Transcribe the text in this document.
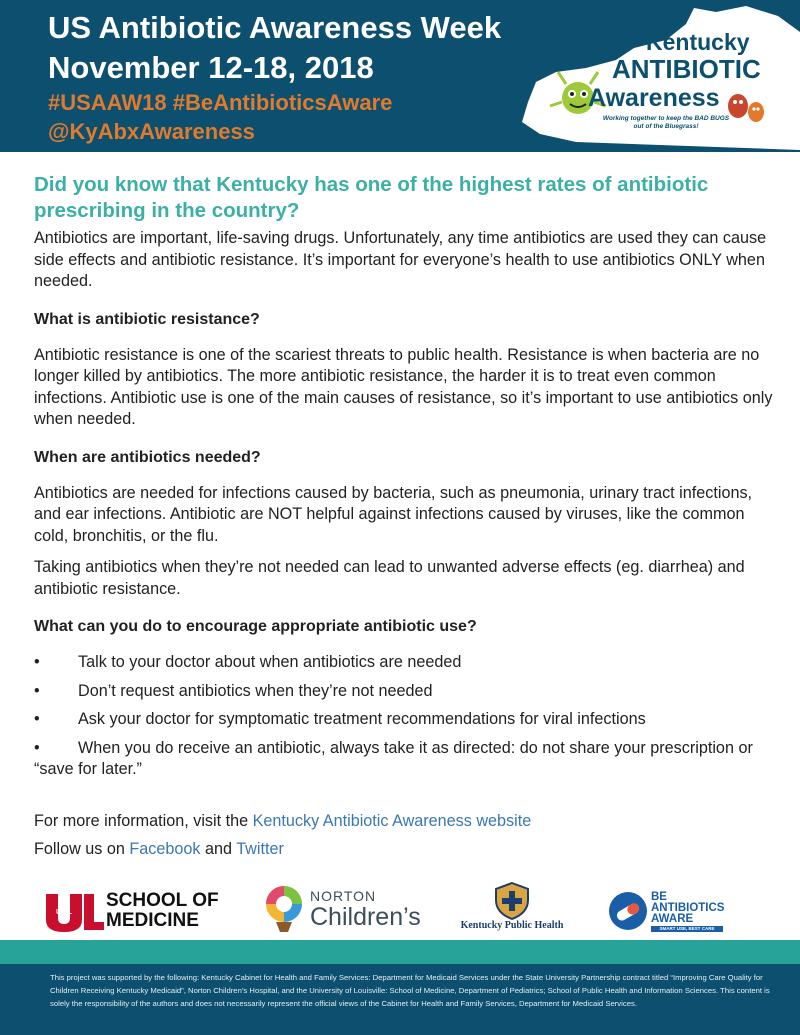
US Antibiotic Awareness Week
November 12-18, 2018
#USAAW18 #BeAntibioticsAware
@KyAbxAwareness
Kentucky
ANTIBIOTIC
Awareness
Working together to keep the BAD BUGS
out of the Bluegrass!
Did you know that Kentucky has one of the highest rates of antibiotic prescribing in the country?

Antibiotics are important, life-saving drugs. Unfortunately, any time antibiotics are used they can cause side effects and antibiotic resistance. It’s important for everyone’s health to use antibiotics ONLY when needed.

What is antibiotic resistance?

Antibiotic resistance is one of the scariest threats to public health. Resistance is when bacteria are no longer killed by antibiotics. The more antibiotic resistance, the harder it is to treat even common infections. Antibiotic use is one of the main causes of resistance, so it’s important to use antibiotics only when needed.

When are antibiotics needed?

Antibiotics are needed for infections caused by bacteria, such as pneumonia, urinary tract infections, and ear infections. Antibiotic are NOT helpful against infections caused by viruses, like the common cold, bronchitis, or the flu.

Taking antibiotics when they’re not needed can lead to unwanted adverse effects (eg. diarrhea) and antibiotic resistance.

What can you do to encourage appropriate antibiotic use?
• Talk to your doctor about when antibiotics are needed
• Don’t request antibiotics when they’re not needed
• Ask your doctor for symptomatic treatment recommendations for viral infections
• When you do receive an antibiotic, always take it as directed: do not share your prescription or “save for later.”
For more information, visit the Kentucky Antibiotic Awareness website
Follow us on Facebook and Twitter
UofL
SCHOOL OF
MEDICINE
NORTON
Children’s	Kentucky Public Health
BE
ANTIBIOTICS
AWARE
SMART USE, BEST CARE

This project was supported by the following: Kentucky Cabinet for Health and Family Services: Department for Medicaid Services under the State University Partnership contract titled “Improving Care Quality for Children Receiving Kentucky Medicaid”, Norton Children’s Hospital, and the University of Louisville: School of Medicine, Department of Pediatrics; School of Public Health and Information Sciences. This content is solely the responsibility of the authors and does not necessarily represent the official views of the Cabinet for Health and Family Services, Department for Medicaid Services.
